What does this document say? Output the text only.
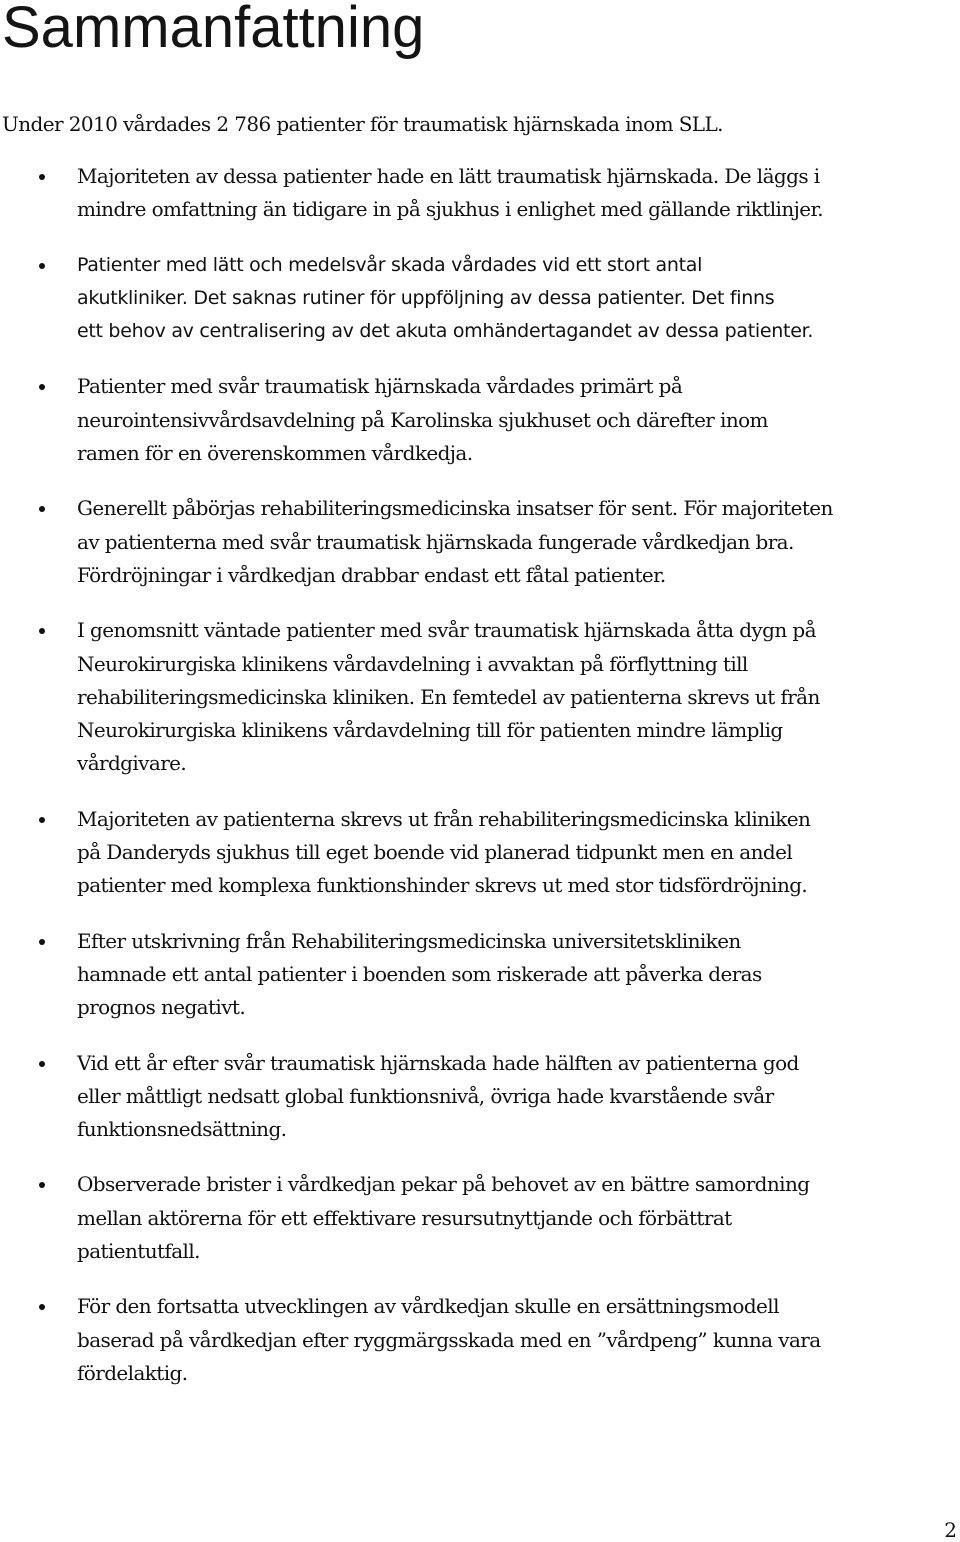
Sammanfattning

Under 2010 vårdades 2 786 patienter för traumatisk hjärnskada inom SLL.

Majoriteten av dessa patienter hade en lätt traumatisk hjärnskada. De läggs i
mindre omfattning än tidigare in på sjukhus i enlighet med gällande riktlinjer.
Patienter med lätt och medelsvår skada vårdades vid ett stort antal
akutkliniker. Det saknas rutiner för uppföljning av dessa patienter. Det finns
ett behov av centralisering av det akuta omhändertagandet av dessa patienter.
Patienter med svår traumatisk hjärnskada vårdades primärt på
neurointensivvårdsavdelning på Karolinska sjukhuset och därefter inom
ramen för en överenskommen vårdkedja.
Generellt påbörjas rehabiliteringsmedicinska insatser för sent. För majoriteten
av patienterna med svår traumatisk hjärnskada fungerade vårdkedjan bra.
Fördröjningar i vårdkedjan drabbar endast ett fåtal patienter.
I genomsnitt väntade patienter med svår traumatisk hjärnskada åtta dygn på
Neurokirurgiska klinikens vårdavdelning i avvaktan på förflyttning till
rehabiliteringsmedicinska kliniken. En femtedel av patienterna skrevs ut från
Neurokirurgiska klinikens vårdavdelning till för patienten mindre lämplig
vårdgivare.
Majoriteten av patienterna skrevs ut från rehabiliteringsmedicinska kliniken
på Danderyds sjukhus till eget boende vid planerad tidpunkt men en andel
patienter med komplexa funktionshinder skrevs ut med stor tidsfördröjning.
Efter utskrivning från Rehabiliteringsmedicinska universitetskliniken
hamnade ett antal patienter i boenden som riskerade att påverka deras
prognos negativt.
Vid ett år efter svår traumatisk hjärnskada hade hälften av patienterna god
eller måttligt nedsatt global funktionsnivå, övriga hade kvarstående svår
funktionsnedsättning.
Observerade brister i vårdkedjan pekar på behovet av en bättre samordning
mellan aktörerna för ett effektivare resursutnyttjande och förbättrat
patientutfall.
För den fortsatta utvecklingen av vårdkedjan skulle en ersättningsmodell
baserad på vårdkedjan efter ryggmärgsskada med en ”vårdpeng” kunna vara
fördelaktig.
2
